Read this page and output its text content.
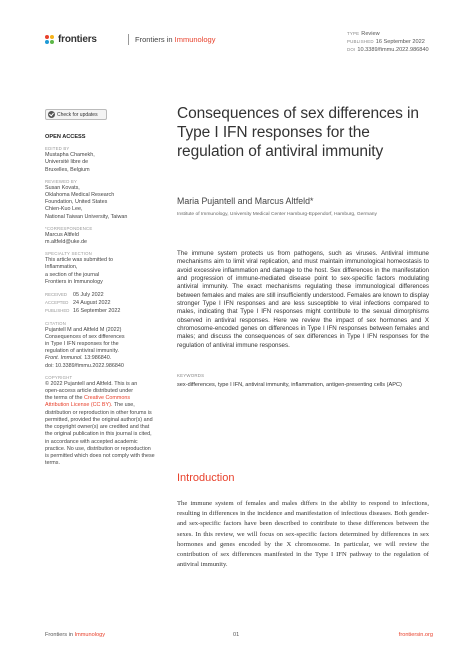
frontiers	Frontiers in Immunology
TYPE Review
PUBLISHED 16 September 2022
DOI 10.3389/fimmu.2022.986840
Check for updates
OPEN ACCESS
EDITED BY
Mustapha Chamekh,
Université libre de
Bruxelles, Belgium
REVIEWED BY
Susan Kovats,
Oklahoma Medical Research
Foundation, United States
Chien-Kuo Lee,
National Taiwan University, Taiwan
*CORRESPONDENCE
Marcus Altfeld
m.altfeld@uke.de
SPECIALTY SECTION
This article was submitted to
Inflammation,
a section of the journal
Frontiers in Immunology
RECEIVED 05 July 2022
ACCEPTED 24 August 2022
PUBLISHED 16 September 2022
CITATION
Pujantell M and Altfeld M (2022)
Consequences of sex differences
in Type I IFN responses for the
regulation of antiviral immunity.
Front. Immunol. 13:986840.
doi: 10.3389/fimmu.2022.986840
COPYRIGHT
© 2022 Pujantell and Altfeld. This is an
open-access article distributed under
the terms of the Creative Commons Attribution License (CC BY). The use, distribution or reproduction in other forums is permitted, provided the original author(s) and the copyright owner(s) are credited and that the original publication in this journal is cited, in accordance with accepted academic practice. No use, distribution or reproduction is permitted which does not comply with these terms.
Consequences of sex differences in Type I IFN responses for the regulation of antiviral immunity
Maria Pujantell and Marcus Altfeld*
Institute of Immunology, University Medical Center Hamburg-Eppendorf, Hamburg, Germany
The immune system protects us from pathogens, such as viruses. Antiviral immune mechanisms aim to limit viral replication, and must maintain immunological homeostasis to avoid excessive inflammation and damage to the host. Sex differences in the manifestation and progression of immune-mediated disease point to sex-specific factors modulating antiviral immunity. The exact mechanisms regulating these immunological differences between females and males are still insufficiently understood. Females are known to display stronger Type I IFN responses and are less susceptible to viral infections compared to males, indicating that Type I IFN responses might contribute to the sexual dimorphisms observed in antiviral responses. Here we review the impact of sex hormones and X chromosome-encoded genes on differences in Type I IFN responses between females and males; and discuss the consequences of sex differences in Type I IFN responses for the regulation of antiviral immune responses.
KEYWORDS
sex-differences, type I IFN, antiviral immunity, inflammation, antigen-presenting cells (APC)
Introduction
The immune system of females and males differs in the ability to respond to infections, resulting in differences in the incidence and manifestation of infectious diseases. Both gender- and sex-specific factors have been described to contribute to these differences between the sexes. In this review, we will focus on sex-specific factors determined by differences in sex hormones and genes encoded by the X chromosome. In particular, we will review the contribution of sex differences manifested in the Type I IFN pathway to the regulation of antiviral immunity.
Frontiers in Immunology	01	frontiersin.org
